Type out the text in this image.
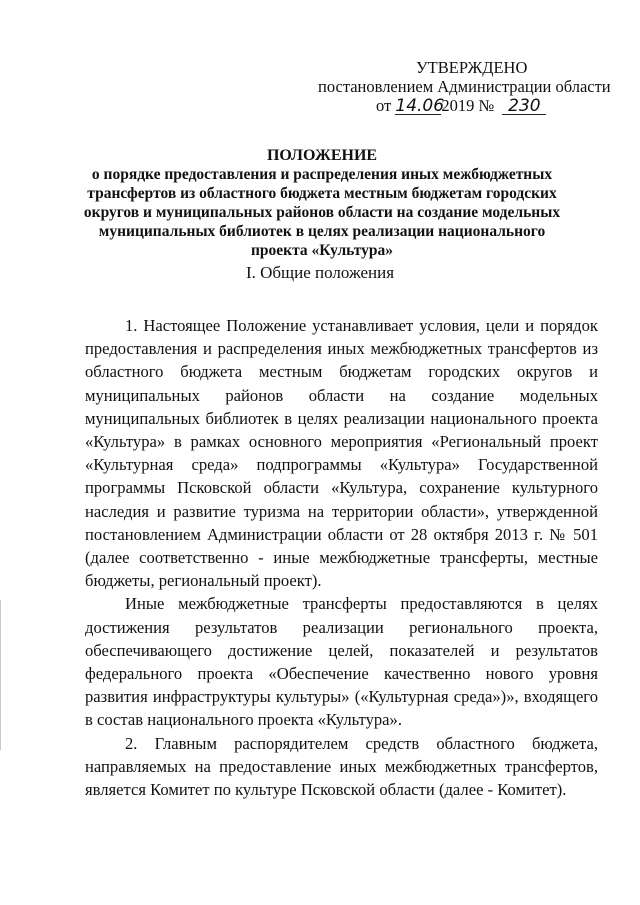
УТВЕРЖДЕНО
постановлением Администрации области
от 14.062019 № 230
ПОЛОЖЕНИЕ
о порядке предоставления и распределения иных межбюджетных трансфертов из областного бюджета местным бюджетам городских округов и муниципальных районов области на создание модельных муниципальных библиотек в целях реализации национального проекта «Культура»
I. Общие положения

1. Настоящее Положение устанавливает условия, цели и порядок предоставления и распределения иных межбюджетных трансфертов из областного бюджета местным бюджетам городских округов и муниципальных районов области на создание модельных муниципальных библиотек в целях реализации национального проекта «Культура» в рамках основного мероприятия «Региональный проект «Культурная среда» подпрограммы «Культура» Государственной программы Псковской области «Культура, сохранение культурного наследия и развитие туризма на территории области», утвержденной постановлением Администрации области от 28 октября 2013 г. № 501 (далее соответственно - иные межбюджетные трансферты, местные бюджеты, региональный проект).

Иные межбюджетные трансферты предоставляются в целях достижения результатов реализации регионального проекта, обеспечивающего достижение целей, показателей и результатов федерального проекта «Обеспечение качественно нового уровня развития инфраструктуры культуры» («Культурная среда»)», входящего в состав национального проекта «Культура».

2. Главным распорядителем средств областного бюджета, направляемых на предоставление иных межбюджетных трансфертов, является Комитет по культуре Псковской области (далее - Комитет).
